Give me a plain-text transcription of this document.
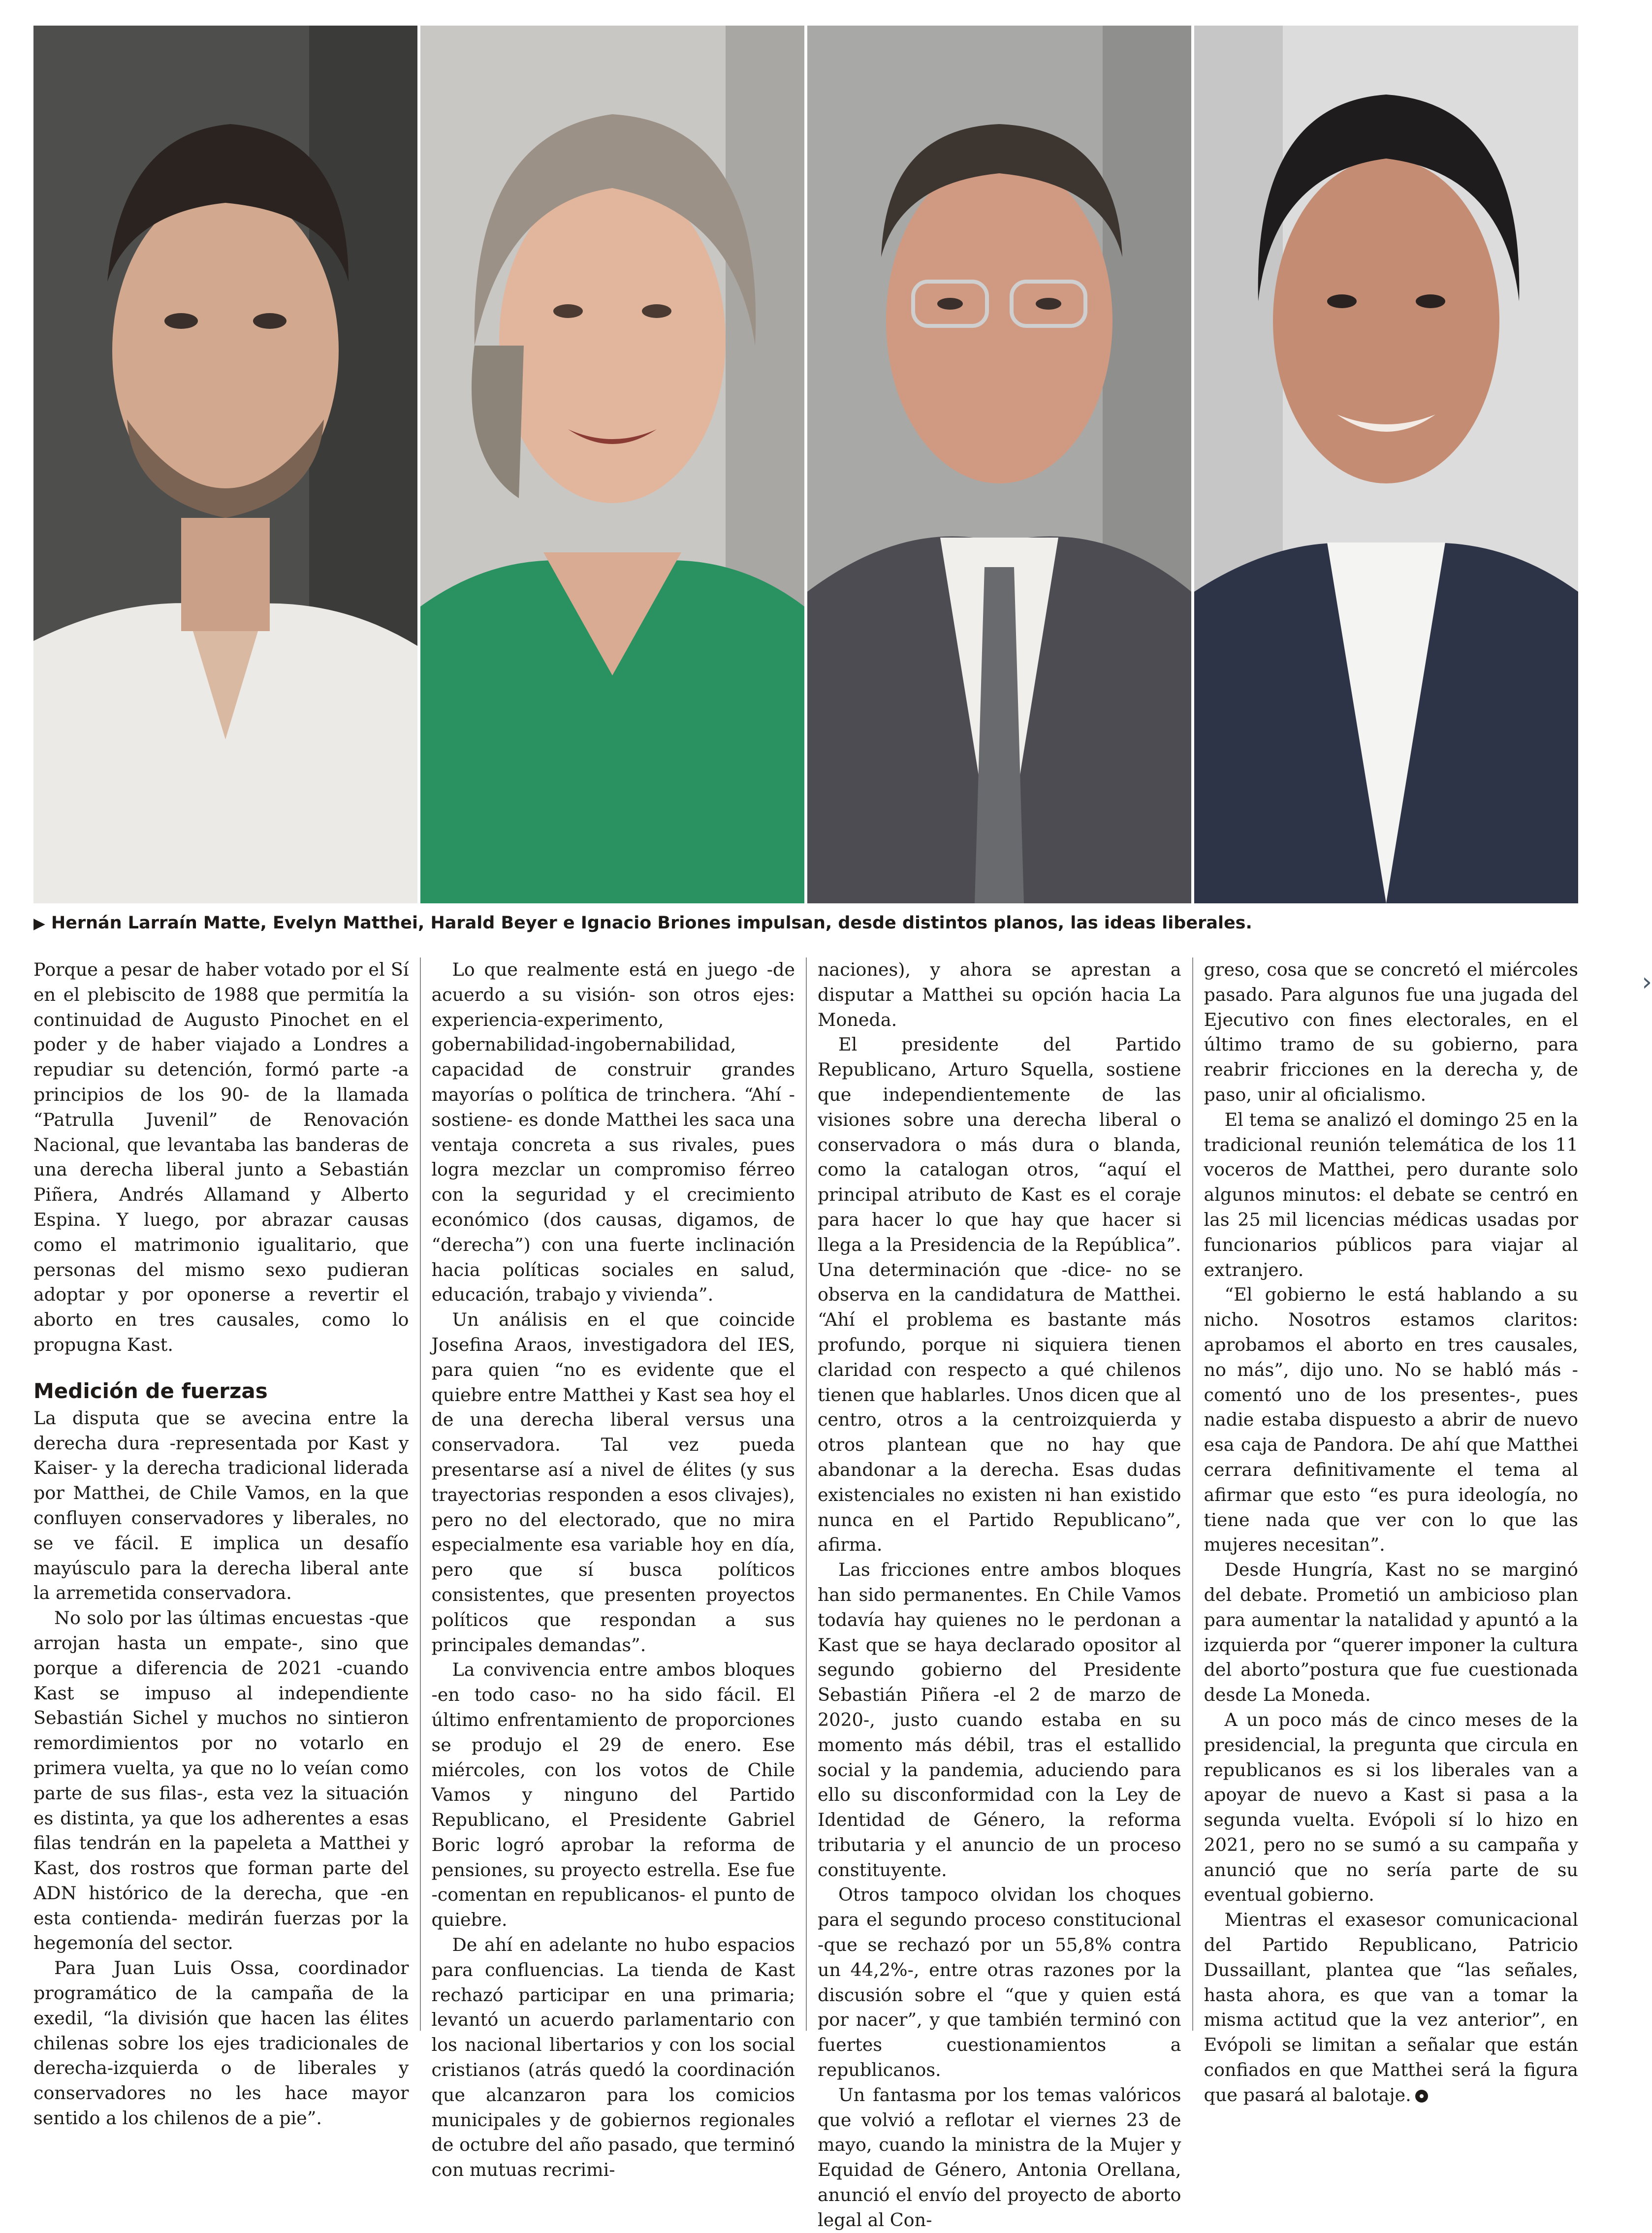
▶ Hernán Larraín Matte, Evelyn Matthei, Harald Beyer e Ignacio Briones impulsan, desde distintos planos, las ideas liberales.

Porque a pesar de haber votado por el Sí en el plebiscito de 1988 que permitía la continuidad de Augusto Pinochet en el poder y de haber viajado a Londres a repudiar su detención, formó parte -a principios de los 90- de la llamada “Patrulla Juvenil” de Renovación Nacional, que levantaba las banderas de una derecha liberal junto a Sebastián Piñera, Andrés Allamand y Alberto Espina. Y luego, por abrazar causas como el matrimonio igualitario, que personas del mismo sexo pudieran adoptar y por oponerse a revertir el aborto en tres causales, como lo propugna Kast.

Medición de fuerzas

La disputa que se avecina entre la derecha dura -representada por Kast y Kaiser- y la derecha tradicional liderada por Matthei, de Chile Vamos, en la que confluyen conservadores y liberales, no se ve fácil. E implica un desafío mayúsculo para la derecha liberal ante la arremetida conservadora.

No solo por las últimas encuestas -que arrojan hasta un empate-, sino que porque a diferencia de 2021 -cuando Kast se impuso al independiente Sebastián Sichel y muchos no sintieron remordimientos por no votarlo en primera vuelta, ya que no lo veían como parte de sus filas-, esta vez la situación es distinta, ya que los adherentes a esas filas tendrán en la papeleta a Matthei y Kast, dos rostros que forman parte del ADN histórico de la derecha, que -en esta contienda- medirán fuerzas por la hegemonía del sector.

Para Juan Luis Ossa, coordinador programático de la campaña de la exedil, “la división que hacen las élites chilenas sobre los ejes tradicionales de derecha-izquierda o de liberales y conservadores no les hace mayor sentido a los chilenos de a pie”.

Lo que realmente está en juego -de acuerdo a su visión- son otros ejes: experiencia-experimento, gobernabilidad-ingobernabilidad, capacidad de construir grandes mayorías o política de trinchera. “Ahí -sostiene- es donde Matthei les saca una ventaja concreta a sus rivales, pues logra mezclar un compromiso férreo con la seguridad y el crecimiento económico (dos causas, digamos, de “derecha”) con una fuerte inclinación hacia políticas sociales en salud, educación, trabajo y vivienda”.

Un análisis en el que coincide Josefina Araos, investigadora del IES, para quien “no es evidente que el quiebre entre Matthei y Kast sea hoy el de una derecha liberal versus una conservadora. Tal vez pueda presentarse así a nivel de élites (y sus trayectorias responden a esos clivajes), pero no del electorado, que no mira especialmente esa variable hoy en día, pero que sí busca políticos consistentes, que presenten proyectos políticos que respondan a sus principales demandas”.

La convivencia entre ambos bloques -en todo caso- no ha sido fácil. El último enfrentamiento de proporciones se produjo el 29 de enero. Ese miércoles, con los votos de Chile Vamos y ninguno del Partido Republicano, el Presidente Gabriel Boric logró aprobar la reforma de pensiones, su proyecto estrella. Ese fue -comentan en republicanos- el punto de quiebre.

De ahí en adelante no hubo espacios para confluencias. La tienda de Kast rechazó participar en una primaria; levantó un acuerdo parlamentario con los nacional libertarios y con los social cristianos (atrás quedó la coordinación que alcanzaron para los comicios municipales y de gobiernos regionales de octubre del año pasado, que terminó con mutuas recrimi-

naciones), y ahora se aprestan a disputar a Matthei su opción hacia La Moneda.

El presidente del Partido Republicano, Arturo Squella, sostiene que independientemente de las visiones sobre una derecha liberal o conservadora o más dura o blanda, como la catalogan otros, “aquí el principal atributo de Kast es el coraje para hacer lo que hay que hacer si llega a la Presidencia de la República”. Una determinación que -dice- no se observa en la candidatura de Matthei. “Ahí el problema es bastante más profundo, porque ni siquiera tienen claridad con respecto a qué chilenos tienen que hablarles. Unos dicen que al centro, otros a la centroizquierda y otros plantean que no hay que abandonar a la derecha. Esas dudas existenciales no existen ni han existido nunca en el Partido Republicano”, afirma.

Las fricciones entre ambos bloques han sido permanentes. En Chile Vamos todavía hay quienes no le perdonan a Kast que se haya declarado opositor al segundo gobierno del Presidente Sebastián Piñera -el 2 de marzo de 2020-, justo cuando estaba en su momento más débil, tras el estallido social y la pandemia, aduciendo para ello su disconformidad con la Ley de Identidad de Género, la reforma tributaria y el anuncio de un proceso constituyente.

Otros tampoco olvidan los choques para el segundo proceso constitucional -que se rechazó por un 55,8% contra un 44,2%-, entre otras razones por la discusión sobre el “que y quien está por nacer”, y que también terminó con fuertes cuestionamientos a republicanos.

Un fantasma por los temas valóricos que volvió a reflotar el viernes 23 de mayo, cuando la ministra de la Mujer y Equidad de Género, Antonia Orellana, anunció el envío del proyecto de aborto legal al Con-

greso, cosa que se concretó el miércoles pasado. Para algunos fue una jugada del Ejecutivo con fines electorales, en el último tramo de su gobierno, para reabrir fricciones en la derecha y, de paso, unir al oficialismo.

El tema se analizó el domingo 25 en la tradicional reunión telemática de los 11 voceros de Matthei, pero durante solo algunos minutos: el debate se centró en las 25 mil licencias médicas usadas por funcionarios públicos para viajar al extranjero.

“El gobierno le está hablando a su nicho. Nosotros estamos claritos: aprobamos el aborto en tres causales, no más”, dijo uno. No se habló más -comentó uno de los presentes-, pues nadie estaba dispuesto a abrir de nuevo esa caja de Pandora. De ahí que Matthei cerrara definitivamente el tema al afirmar que esto “es pura ideología, no tiene nada que ver con lo que las mujeres necesitan”.

Desde Hungría, Kast no se marginó del debate. Prometió un ambicioso plan para aumentar la natalidad y apuntó a la izquierda por “querer imponer la cultura del aborto”postura que fue cuestionada desde La Moneda.

A un poco más de cinco meses de la presidencial, la pregunta que circula en republicanos es si los liberales van a apoyar de nuevo a Kast si pasa a la segunda vuelta. Evópoli sí lo hizo en 2021, pero no se sumó a su campaña y anunció que no sería parte de su eventual gobierno.

Mientras el exasesor comunicacional del Partido Republicano, Patricio Dussaillant, plantea que “las señales, hasta ahora, es que van a tomar la misma actitud que la vez anterior”, en Evópoli se limitan a señalar que están confiados en que Matthei será la figura que pasará al balotaje.

›
